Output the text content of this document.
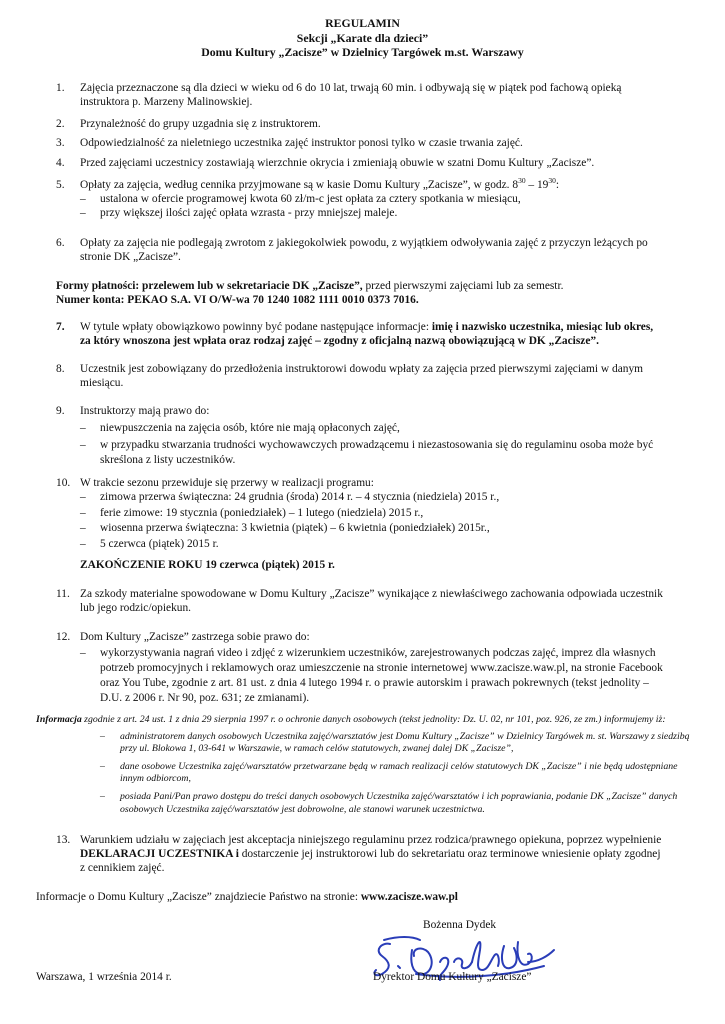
REGULAMIN
Sekcji „Karate dla dzieci”
Domu Kultury „Zacisze” w Dzielnicy Targówek m.st. Warszawy
1.	Zajęcia przeznaczone są dla dzieci w wieku od 6 do 10 lat, trwają 60 min. i odbywają się w piątek pod fachową opieką instruktora p. Marzeny Malinowskiej.
2.	Przynależność do grupy uzgadnia się z instruktorem.
3.	Odpowiedzialność za nieletniego uczestnika zajęć instruktor ponosi tylko w czasie trwania zajęć.
4.	Przed zajęciami uczestnicy zostawiają wierzchnie okrycia i zmieniają obuwie w szatni Domu Kultury „Zacisze”.
5.	Opłaty za zajęcia, według cennika przyjmowane są w kasie Domu Kultury „Zacisze”, w godz. $8^{30} - 19^{30}$:
– ustalona w ofercie programowej kwota 60 zł/m-c jest opłata za cztery spotkania w miesiącu,
– przy większej ilości zajęć opłata wzrasta - przy mniejszej maleje.
6.	Opłaty za zajęcia nie podlegają zwrotom z jakiegokolwiek powodu, z wyjątkiem odwoływania zajęć z przyczyn leżących po stronie DK „Zacisze”.
Formy płatności: przelewem lub w sekretariacie DK „Zacisze”, przed pierwszymi zajęciami lub za semestr.
Numer konta: PEKAO S.A. VI O/W-wa 70 1240 1082 1111 0010 0373 7016.
7.	W tytule wpłaty obowiązkowo powinny być podane następujące informacje: imię i nazwisko uczestnika, miesiąc lub okres, za który wnoszona jest wpłata oraz rodzaj zajęć – zgodny z oficjalną nazwą obowiązującą w DK „Zacisze”.
8.	Uczestnik jest zobowiązany do przedłożenia instruktorowi dowodu wpłaty za zajęcia przed pierwszymi zajęciami w danym miesiącu.
9.	Instruktorzy mają prawo do:
– niewpuszczenia na zajęcia osób, które nie mają opłaconych zajęć,
– w przypadku stwarzania trudności wychowawczych prowadzącemu i niezastosowania się do regulaminu osoba może być skreślona z listy uczestników.
10. W trakcie sezonu przewiduje się przerwy w realizacji programu:
– zimowa przerwa świąteczna: 24 grudnia (środa) 2014 r. – 4 stycznia (niedziela) 2015 r.,
– ferie zimowe: 19 stycznia (poniedziałek) – 1 lutego (niedziela) 2015 r.,
– wiosenna przerwa świąteczna: 3 kwietnia (piątek) – 6 kwietnia (poniedziałek) 2015r.,
– 5 czerwca (piątek) 2015 r.
ZAKOŃCZENIE ROKU 19 czerwca (piątek) 2015 r.
11. Za szkody materialne spowodowane w Domu Kultury „Zacisze” wynikające z niewłaściwego zachowania odpowiada uczestnik lub jego rodzic/opiekun.
12. Dom Kultury „Zacisze” zastrzega sobie prawo do:
– wykorzystywania nagrań video i zdjęć z wizerunkiem uczestników, zarejestrowanych podczas zajęć, imprez dla własnych potrzeb promocyjnych i reklamowych oraz umieszczenie na stronie internetowej www.zacisze.waw.pl, na stronie Facebook oraz You Tube, zgodnie z art. 81 ust. z dnia 4 lutego 1994 r. o prawie autorskim i prawach pokrewnych (tekst jednolity – D.U. z 2006 r. Nr 90, poz. 631; ze zmianami).
Informacja zgodnie z art. 24 ust. 1 z dnia 29 sierpnia 1997 r. o ochronie danych osobowych (tekst jednolity: Dz. U. 02, nr 101, poz. 926, ze zm.) informujemy iż:
– administratorem danych osobowych Uczestnika zajęć/warsztatów jest Domu Kultury „Zacisze” w Dzielnicy Targówek m. st. Warszawy z siedzibą przy ul. Blokowa 1, 03-641 w Warszawie, w ramach celów statutowych, zwanej dalej DK „Zacisze”,
– dane osobowe Uczestnika zajęć/warsztatów przetwarzane będą w ramach realizacji celów statutowych DK „Zacisze” i nie będą udostępniane innym odbiorcom,
– posiada Pani/Pan prawo dostępu do treści danych osobowych Uczestnika zajęć/warsztatów i ich poprawiania, podanie DK „Zacisze” danych osobowych Uczestnika zajęć/warsztatów jest dobrowolne, ale stanowi warunek uczestnictwa.
13. Warunkiem udziału w zajęciach jest akceptacja niniejszego regulaminu przez rodzica/prawnego opiekuna, poprzez wypełnienie DEKLARACJI UCZESTNIKA i dostarczenie jej instruktorowi lub do sekretariatu oraz terminowe wniesienie opłaty zgodnej z cennikiem zajęć.
Informacje o Domu Kultury „Zacisze” znajdziecie Państwo na stronie: www.zacisze.waw.pl
Bożenna Dydek
Warszawa, 1 września 2014 r.	Dyrektor Domu Kultury „Zacisze”
